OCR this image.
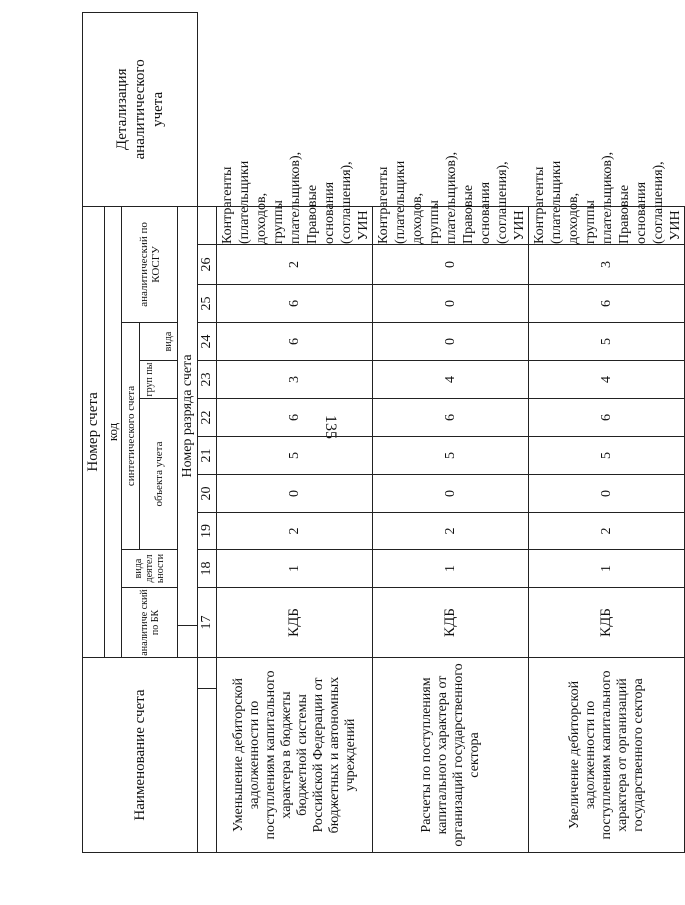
135
Наименование счета		Номер счета												Детализация аналитического учета
		код												
		аналитиче ский по БК		вида деятел ьности	синтетического счета						аналитический по КОСГУ			
					объекта учета				груп пы					
										вида				
			Номер разряда счета											
		17		18	19	20	21	22	23	24	25	26		
Уменьшение дебиторской задолженности по поступлениям капитального характера в бюджеты бюджетной системы Российской Федерации от бюджетных и автономных учреждений		КДБ		1	2	0	5	6	3	6	6	2	Контрагенты (плательщики доходов, группы плательщиков), Правовые основания (соглашения), УИН	
Расчеты по поступлениям капитального характера от организаций государственного сектора		КДБ		1	2	0	5	6	4	0	0	0	Контрагенты (плательщики доходов, группы плательщиков), Правовые основания (соглашения), УИН	
Увеличение дебиторской задолженности по поступлениям капитального характера от организаций государственного сектора		КДБ		1	2	0	5	6	4	5	6	3	Контрагенты (плательщики доходов, группы плательщиков), Правовые основания (соглашения), УИН	
